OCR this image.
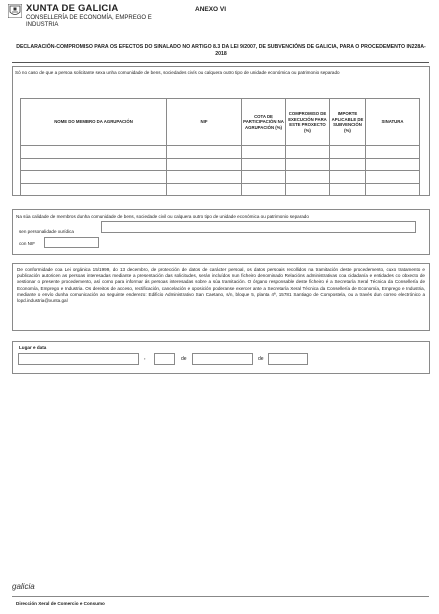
XUNTA DE GALICIA
CONSELLERÍA DE ECONOMÍA, EMPREGO E INDUSTRIA
ANEXO VI
DECLARACIÓN-COMPROMISO PARA OS EFECTOS DO SINALADO NO ARTIGO 8.3 DA LEI 9/2007, DE SUBVENCIÓNS DE GALICIA, PARA O PROCEDEMENTO IN228A-2018
Só no caso de que a persoa solicitante sexa unha comunidade de bens, sociedades civís ou calquera outro tipo de unidade económica ou patrimonio separado
NOME DO MEMBRO DA AGRUPACIÓN	NIF	COTA DE PARTICIPACIÓN NA AGRUPACIÓN (%)	COMPROMISO DE EXECUCIÓN PARA ESTE PROXECTO (%)	IMPORTE APLICABLE DE SUBVENCIÓN (%)	SINATURA

Na súa calidade de membros dunha comunidade de bens, sociedade civil ou calquera outro tipo de unidade económica ou patrimonio separado
sen personalidade xurídica
con NIF
De conformidade coa Lei orgánica 15/1999, do 13 decembro, de protección de datos de carácter persoal, os datos persoais recollidos na tramitación deste procedemento, cuxo tratamento e publicación autoricen as persoas interesadas mediante a presentación das solicitudes, serán incluídos nun ficheiro denominado Relacións administrativas coa cidadanía e entidades co obxecto de xestionar o presente procedemento, así como para informar ás persoas interesadas sobre a súa tramitación. O órgano responsable deste ficheiro é a Secretaría Xeral Técnica da Consellería de Economía, Emprego e Industria. Os dereitos de acceso, rectificación, cancelación e oposición poderanse exercer ante a Secretaría Xeral Técnica da Consellería de Economía, Emprego e Industria, mediante o envío dunha comunicación ao seguinte enderezo: Edificio Administrativo San Caetano, s/n, bloque 5, planta 4ª, 15781 Santiago de Compostela, ou a través dun correo electrónico a lopd.industria@xunta.gal
Lugar e data
,	de	de
galicia
Dirección Xeral de Comercio e Consumo
